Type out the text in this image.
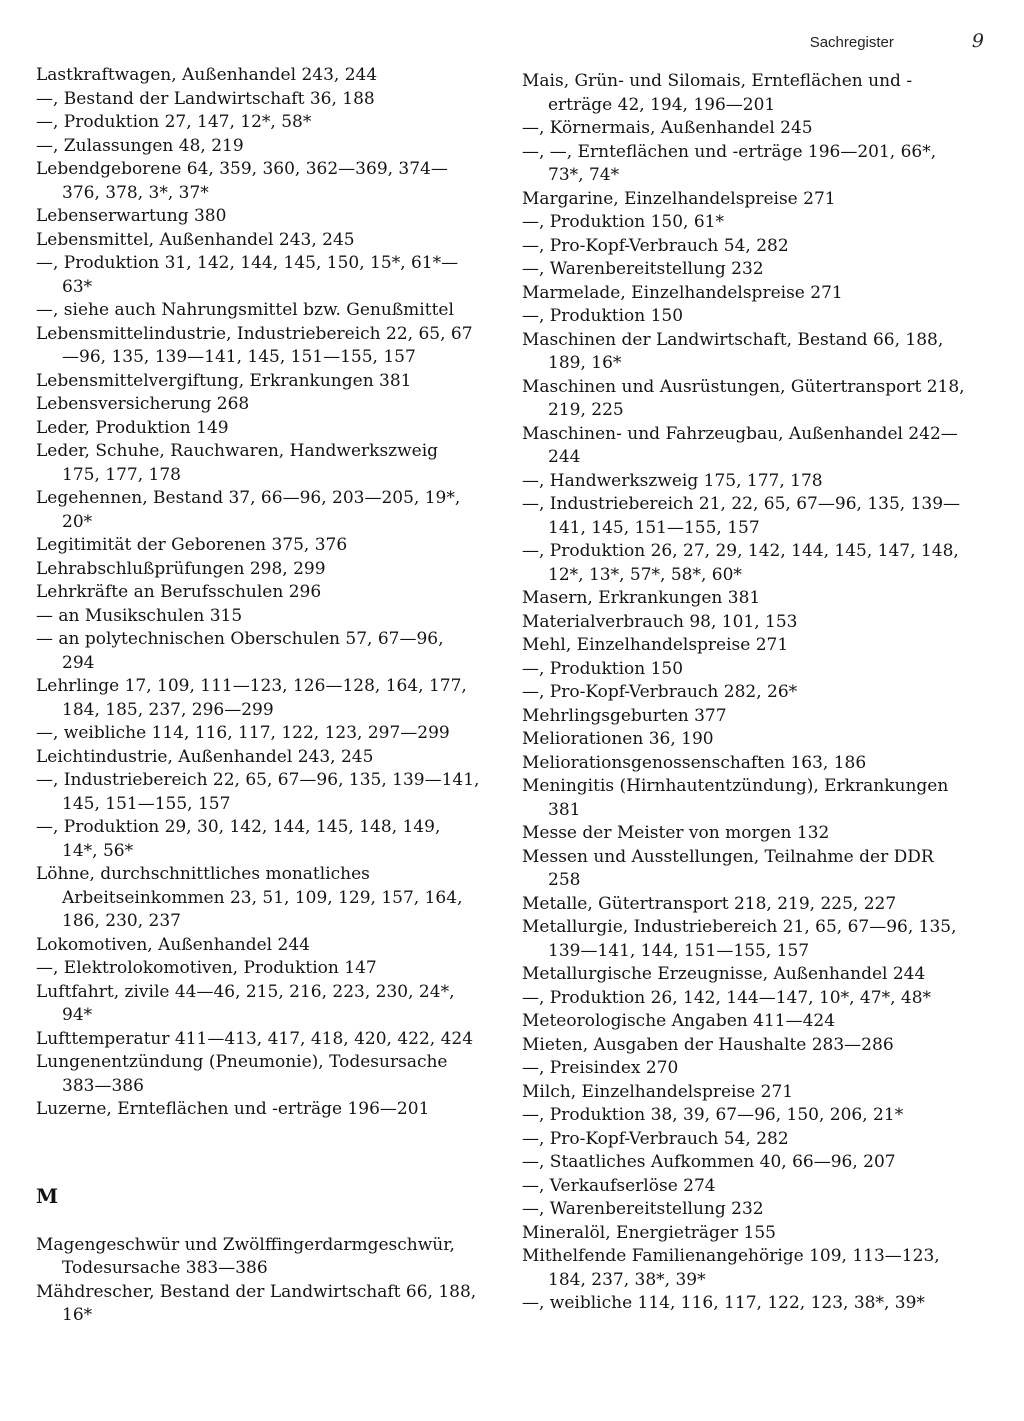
Sachregister	9

Lastkraftwagen, Außenhandel 243, 244

—, Bestand der Landwirtschaft 36, 188

—, Produktion 27, 147, 12*, 58*

—, Zulassungen 48, 219

Lebendgeborene 64, 359, 360, 362—369, 374—376, 378, 3*, 37*

Lebenserwartung 380

Lebensmittel, Außenhandel 243, 245

—, Produktion 31, 142, 144, 145, 150, 15*, 61*—63*

—, siehe auch Nahrungsmittel bzw. Genußmittel

Lebensmittelindustrie, Industriebereich 22, 65, 67—96, 135, 139—141, 145, 151—155, 157

Lebensmittelvergiftung, Erkrankungen 381

Lebensversicherung 268

Leder, Produktion 149

Leder, Schuhe, Rauchwaren, Handwerkszweig 175, 177, 178

Legehennen, Bestand 37, 66—96, 203—205, 19*, 20*

Legitimität der Geborenen 375, 376

Lehrabschlußprüfungen 298, 299

Lehrkräfte an Berufsschulen 296

— an Musikschulen 315

— an polytechnischen Oberschulen 57, 67—96, 294

Lehrlinge 17, 109, 111—123, 126—128, 164, 177, 184, 185, 237, 296—299

—, weibliche 114, 116, 117, 122, 123, 297—299

Leichtindustrie, Außenhandel 243, 245

—, Industriebereich 22, 65, 67—96, 135, 139—141, 145, 151—155, 157

—, Produktion 29, 30, 142, 144, 145, 148, 149, 14*, 56*

Löhne, durchschnittliches monatliches Arbeitseinkommen 23, 51, 109, 129, 157, 164, 186, 230, 237

Lokomotiven, Außenhandel 244

—, Elektrolokomotiven, Produktion 147

Luftfahrt, zivile 44—46, 215, 216, 223, 230, 24*, 94*

Lufttemperatur 411—413, 417, 418, 420, 422, 424

Lungenentzündung (Pneumonie), Todesursache 383—386

Luzerne, Ernteflächen und -erträge 196—201

M

Magengeschwür und Zwölffingerdarmgeschwür, Todesursache 383—386

Mähdrescher, Bestand der Landwirtschaft 66, 188, 16*

Mais, Grün- und Silomais, Ernteflächen und -erträge 42, 194, 196—201

—, Körnermais, Außenhandel 245

—, —, Ernteflächen und -erträge 196—201, 66*, 73*, 74*

Margarine, Einzelhandelspreise 271

—, Produktion 150, 61*

—, Pro-Kopf-Verbrauch 54, 282

—, Warenbereitstellung 232

Marmelade, Einzelhandelspreise 271

—, Produktion 150

Maschinen der Landwirtschaft, Bestand 66, 188, 189, 16*

Maschinen und Ausrüstungen, Gütertransport 218, 219, 225

Maschinen- und Fahrzeugbau, Außenhandel 242—244

—, Handwerkszweig 175, 177, 178

—, Industriebereich 21, 22, 65, 67—96, 135, 139—141, 145, 151—155, 157

—, Produktion 26, 27, 29, 142, 144, 145, 147, 148, 12*, 13*, 57*, 58*, 60*

Masern, Erkrankungen 381

Materialverbrauch 98, 101, 153

Mehl, Einzelhandelspreise 271

—, Produktion 150

—, Pro-Kopf-Verbrauch 282, 26*

Mehrlingsgeburten 377

Meliorationen 36, 190

Meliorationsgenossenschaften 163, 186

Meningitis (Hirnhautentzündung), Erkrankungen 381

Messe der Meister von morgen 132

Messen und Ausstellungen, Teilnahme der DDR 258

Metalle, Gütertransport 218, 219, 225, 227

Metallurgie, Industriebereich 21, 65, 67—96, 135, 139—141, 144, 151—155, 157

Metallurgische Erzeugnisse, Außenhandel 244

—, Produktion 26, 142, 144—147, 10*, 47*, 48*

Meteorologische Angaben 411—424

Mieten, Ausgaben der Haushalte 283—286

—, Preisindex 270

Milch, Einzelhandelspreise 271

—, Produktion 38, 39, 67—96, 150, 206, 21*

—, Pro-Kopf-Verbrauch 54, 282

—, Staatliches Aufkommen 40, 66—96, 207

—, Verkaufserlöse 274

—, Warenbereitstellung 232

Mineralöl, Energieträger 155

Mithelfende Familienangehörige 109, 113—123, 184, 237, 38*, 39*

—, weibliche 114, 116, 117, 122, 123, 38*, 39*
